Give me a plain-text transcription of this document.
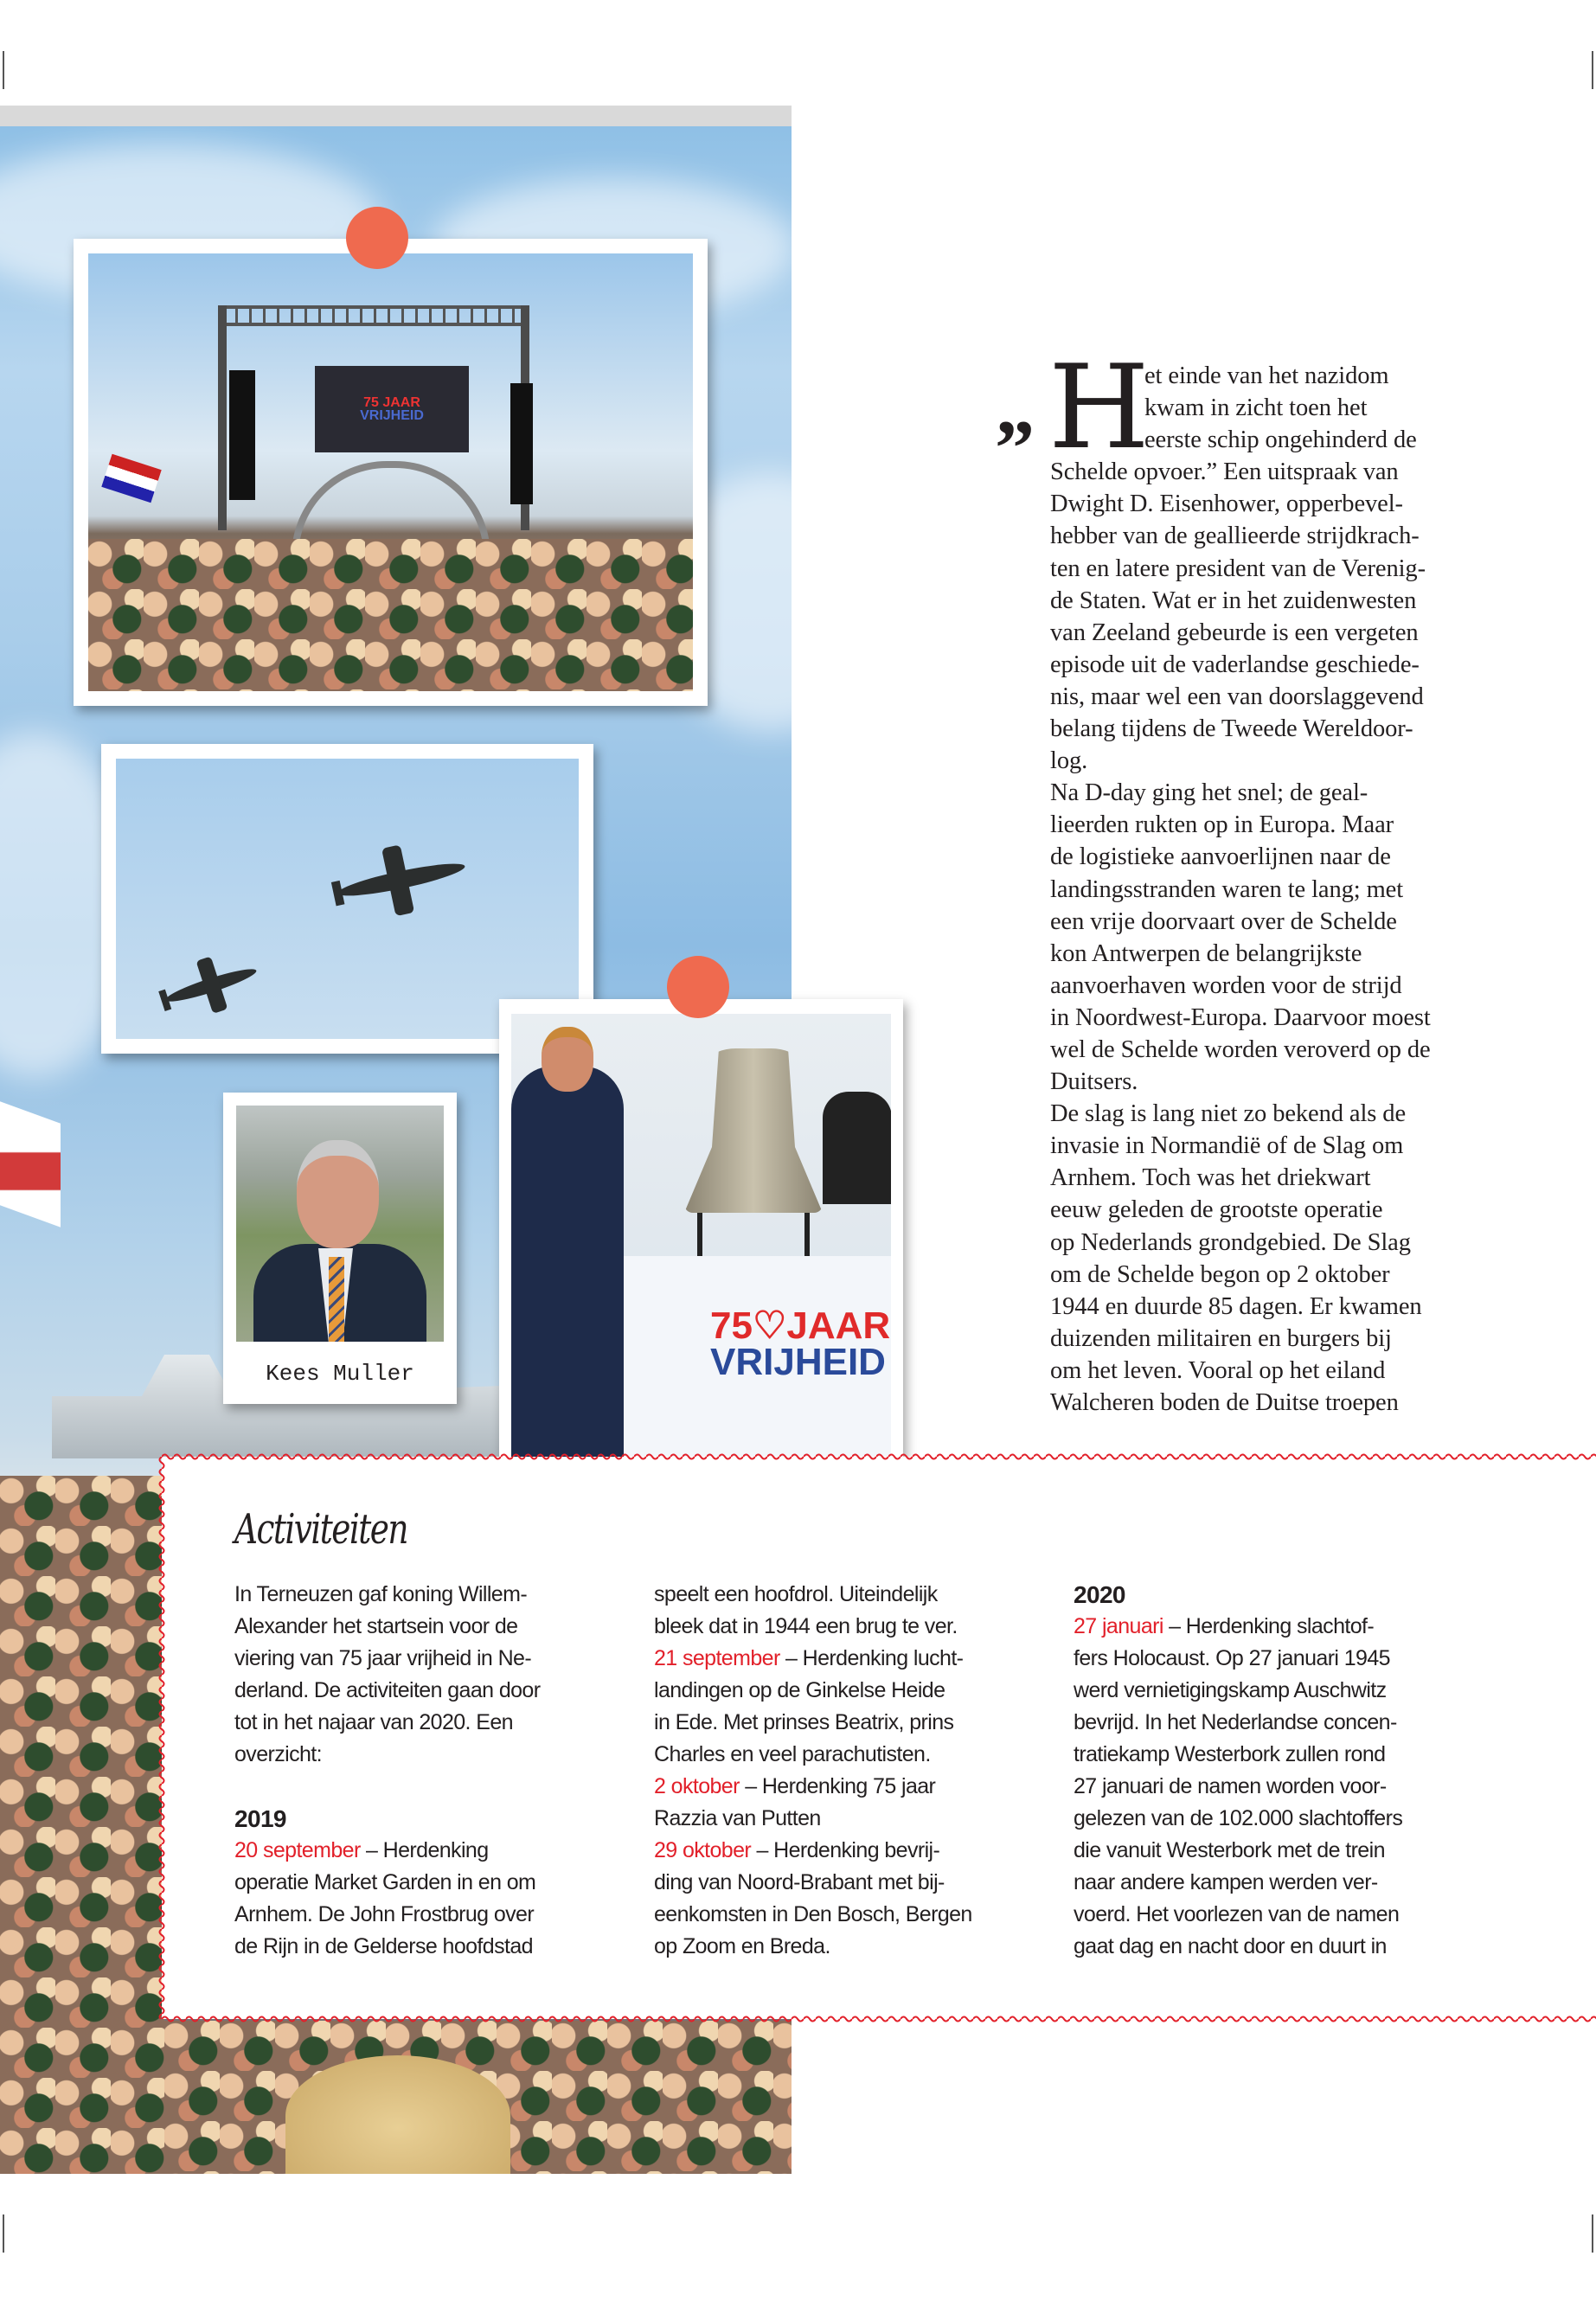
75 JAAR
VRIJHEID
Kees Muller
75♡JAAR
VRIJHEID
” H
et einde van het nazidom
kwam in zicht toen het
eerste schip ongehinderd de
Schelde opvoer.” Een uitspraak van
Dwight D. Eisenhower, opperbevel-
hebber van de geallieerde strijdkrach-
ten en latere president van de Verenig-
de Staten. Wat er in het zuidenwesten
van Zeeland gebeurde is een vergeten
episode uit de vaderlandse geschiede-
nis, maar wel een van doorslaggevend
belang tijdens de Tweede Wereldoor-
log.
Na D-day ging het snel; de geal-
lieerden rukten op in Europa. Maar
de logistieke aanvoerlijnen naar de
landingsstranden waren te lang; met
een vrije doorvaart over de Schelde
kon Antwerpen de belangrijkste
aanvoerhaven worden voor de strijd
in Noordwest-Europa. Daarvoor moest
wel de Schelde worden veroverd op de
Duitsers.
De slag is lang niet zo bekend als de
invasie in Normandië of de Slag om
Arnhem. Toch was het driekwart
eeuw geleden de grootste operatie
op Nederlands grondgebied. De Slag
om de Schelde begon op 2 oktober
1944 en duurde 85 dagen. Er kwamen
duizenden militairen en burgers bij
om het leven. Vooral op het eiland
Walcheren boden de Duitse troepen
Activiteiten
In Terneuzen gaf koning Willem-
Alexander het startsein voor de
viering van 75 jaar vrijheid in Ne-
derland. De activiteiten gaan door
tot in het najaar van 2020. Een
overzicht:
2019
20 september – Herdenking
operatie Market Garden in en om
Arnhem. De John Frostbrug over
de Rijn in de Gelderse hoofdstad
speelt een hoofdrol. Uiteindelijk
bleek dat in 1944 een brug te ver.
21 september – Herdenking lucht-
landingen op de Ginkelse Heide
in Ede. Met prinses Beatrix, prins
Charles en veel parachutisten.
2 oktober – Herdenking 75 jaar
Razzia van Putten
29 oktober – Herdenking bevrij-
ding van Noord-Brabant met bij-
eenkomsten in Den Bosch, Bergen
op Zoom en Breda.
2020
27 januari – Herdenking slachtof-
fers Holocaust. Op 27 januari 1945
werd vernietigingskamp Auschwitz
bevrijd. In het Nederlandse concen-
tratiekamp Westerbork zullen rond
27 januari de namen worden voor-
gelezen van de 102.000 slachtoffers
die vanuit Westerbork met de trein
naar andere kampen werden ver-
voerd. Het voorlezen van de namen
gaat dag en nacht door en duurt in
